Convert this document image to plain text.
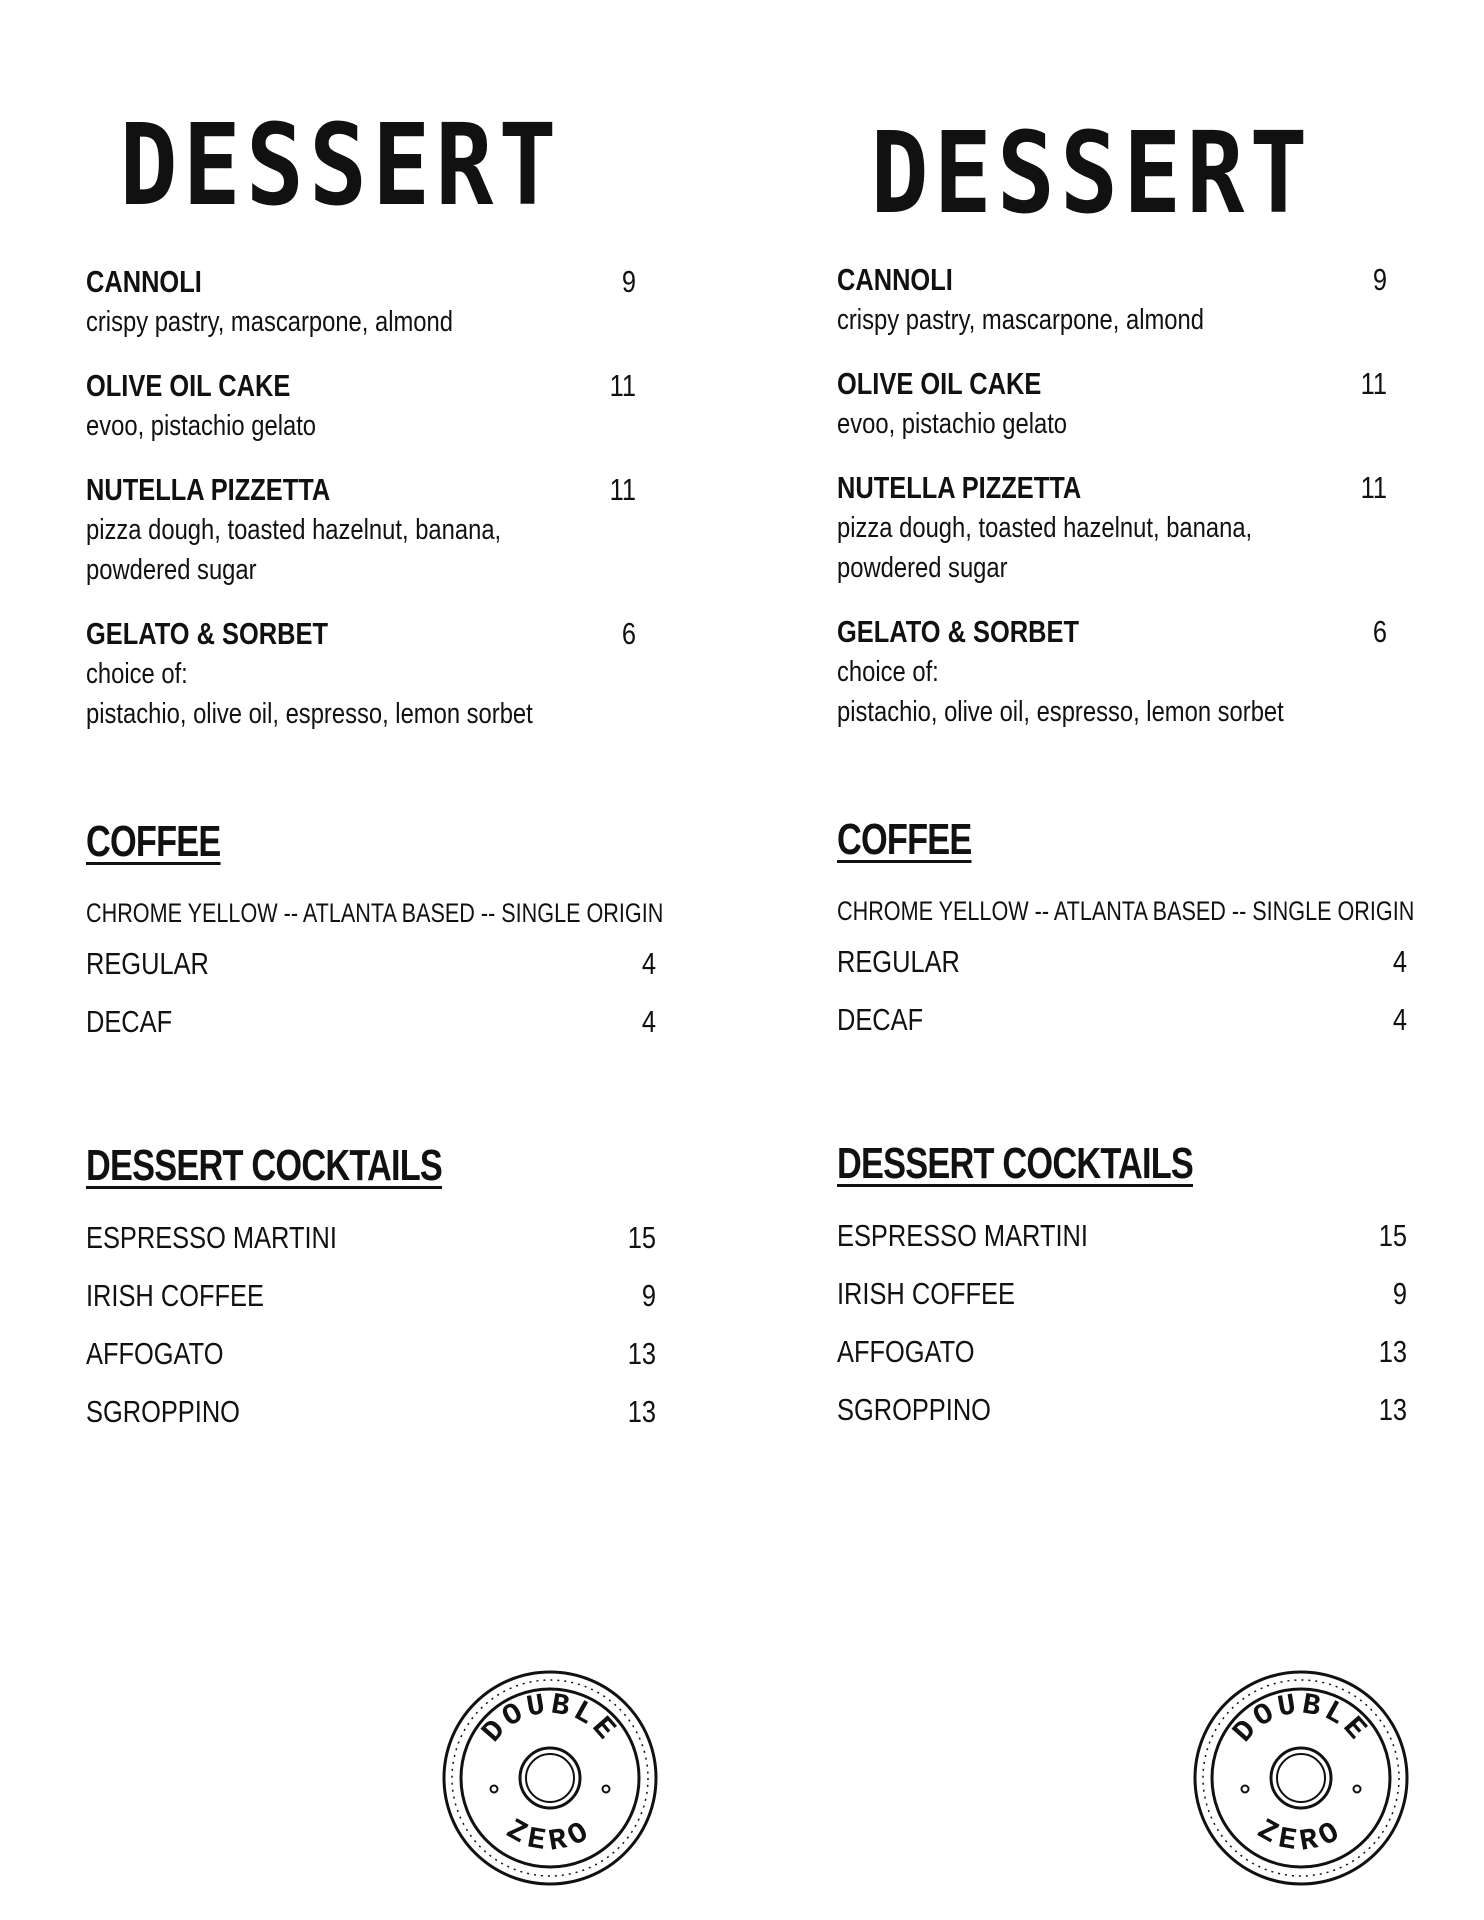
DESSERT
CANNOLI	9
crispy pastry, mascarpone, almond
OLIVE OIL CAKE	11
evoo, pistachio gelato
NUTELLA PIZZETTA	11
pizza dough, toasted hazelnut, banana,
powdered sugar
GELATO & SORBET	6
choice of:
pistachio, olive oil, espresso, lemon sorbet
COFFEE
CHROME YELLOW -- ATLANTA BASED -- SINGLE ORIGIN
REGULAR	4
DECAF	4
DESSERT COCKTAILS
ESPRESSO MARTINI	15
IRISH COFFEE	9
AFFOGATO	13
SGROPPINO	13
DOUBLE
ZERO
DESSERT
CANNOLI	9
crispy pastry, mascarpone, almond
OLIVE OIL CAKE	11
evoo, pistachio gelato
NUTELLA PIZZETTA	11
pizza dough, toasted hazelnut, banana,
powdered sugar
GELATO & SORBET	6
choice of:
pistachio, olive oil, espresso, lemon sorbet
COFFEE
CHROME YELLOW -- ATLANTA BASED -- SINGLE ORIGIN
REGULAR	4
DECAF	4
DESSERT COCKTAILS
ESPRESSO MARTINI	15
IRISH COFFEE	9
AFFOGATO	13
SGROPPINO	13
DOUBLE
ZERO
